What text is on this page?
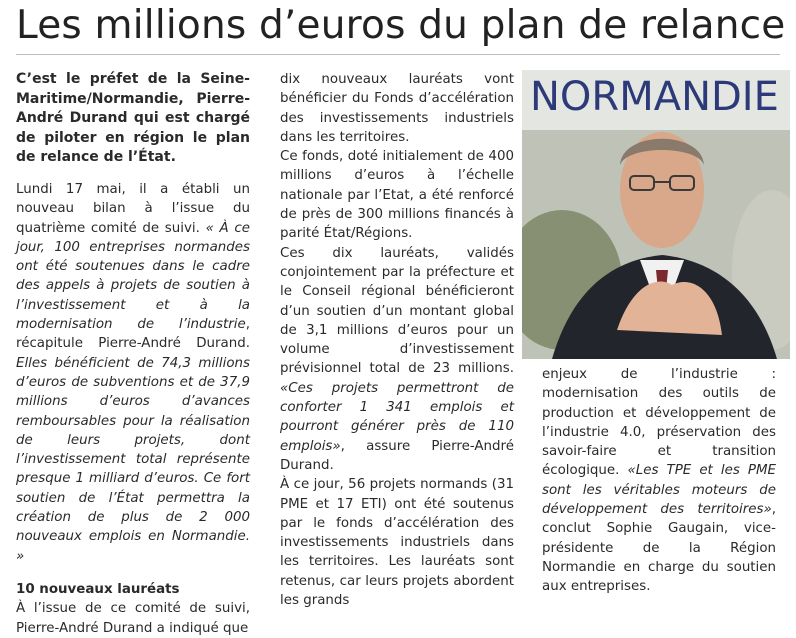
Les millions d’euros du plan de relance

C’est le préfet de la Seine-Maritime/Normandie, Pierre-André Durand qui est chargé de piloter en région le plan de relance de l’État.

Lundi 17 mai, il a établi un nouveau bilan à l’issue du quatrième comité de suivi. « À ce jour, 100 entreprises normandes ont été soutenues dans le cadre des appels à projets de soutien à l’investissement et à la modernisation de l’industrie, récapitule Pierre-André Durand. Elles bénéficient de 74,3 millions d’euros de subventions et de 37,9 millions d’euros d’avances remboursables pour la réalisation de leurs projets, dont l’investissement total représente presque 1 milliard d’euros. Ce fort soutien de l’État permettra la création de plus de 2 000 nouveaux emplois en Normandie. »

10 nouveaux lauréats

À l’issue de ce comité de suivi, Pierre-André Durand a indiqué que

dix nouveaux lauréats vont bénéficier du Fonds d’accélération des investissements industriels dans les territoires.

Ce fonds, doté initialement de 400 millions d’euros à l’échelle nationale par l’Etat, a été renforcé de près de 300 millions financés à parité État/Régions.

Ces dix lauréats, validés conjointement par la préfecture et le Conseil régional bénéficieront d’un soutien d’un montant global de 3,1 millions d’euros pour un volume d’investissement prévisionnel total de 23 millions. «Ces projets permettront de conforter 1 341 emplois et pourront générer près de 110 emplois», assure Pierre-André Durand.

À ce jour, 56 projets normands (31 PME et 17 ETI) ont été soutenus par le fonds d’accélération des investissements industriels dans les territoires. Les lauréats sont retenus, car leurs projets abordent les grands

NORMANDIE

enjeux de l’industrie : modernisation des outils de production et développement de l’industrie 4.0, préservation des savoir-faire et transition écologique. «Les TPE et les PME sont les véritables moteurs de développement des territoires», conclut Sophie Gaugain, vice-présidente de la Région Normandie en charge du soutien aux entreprises.
